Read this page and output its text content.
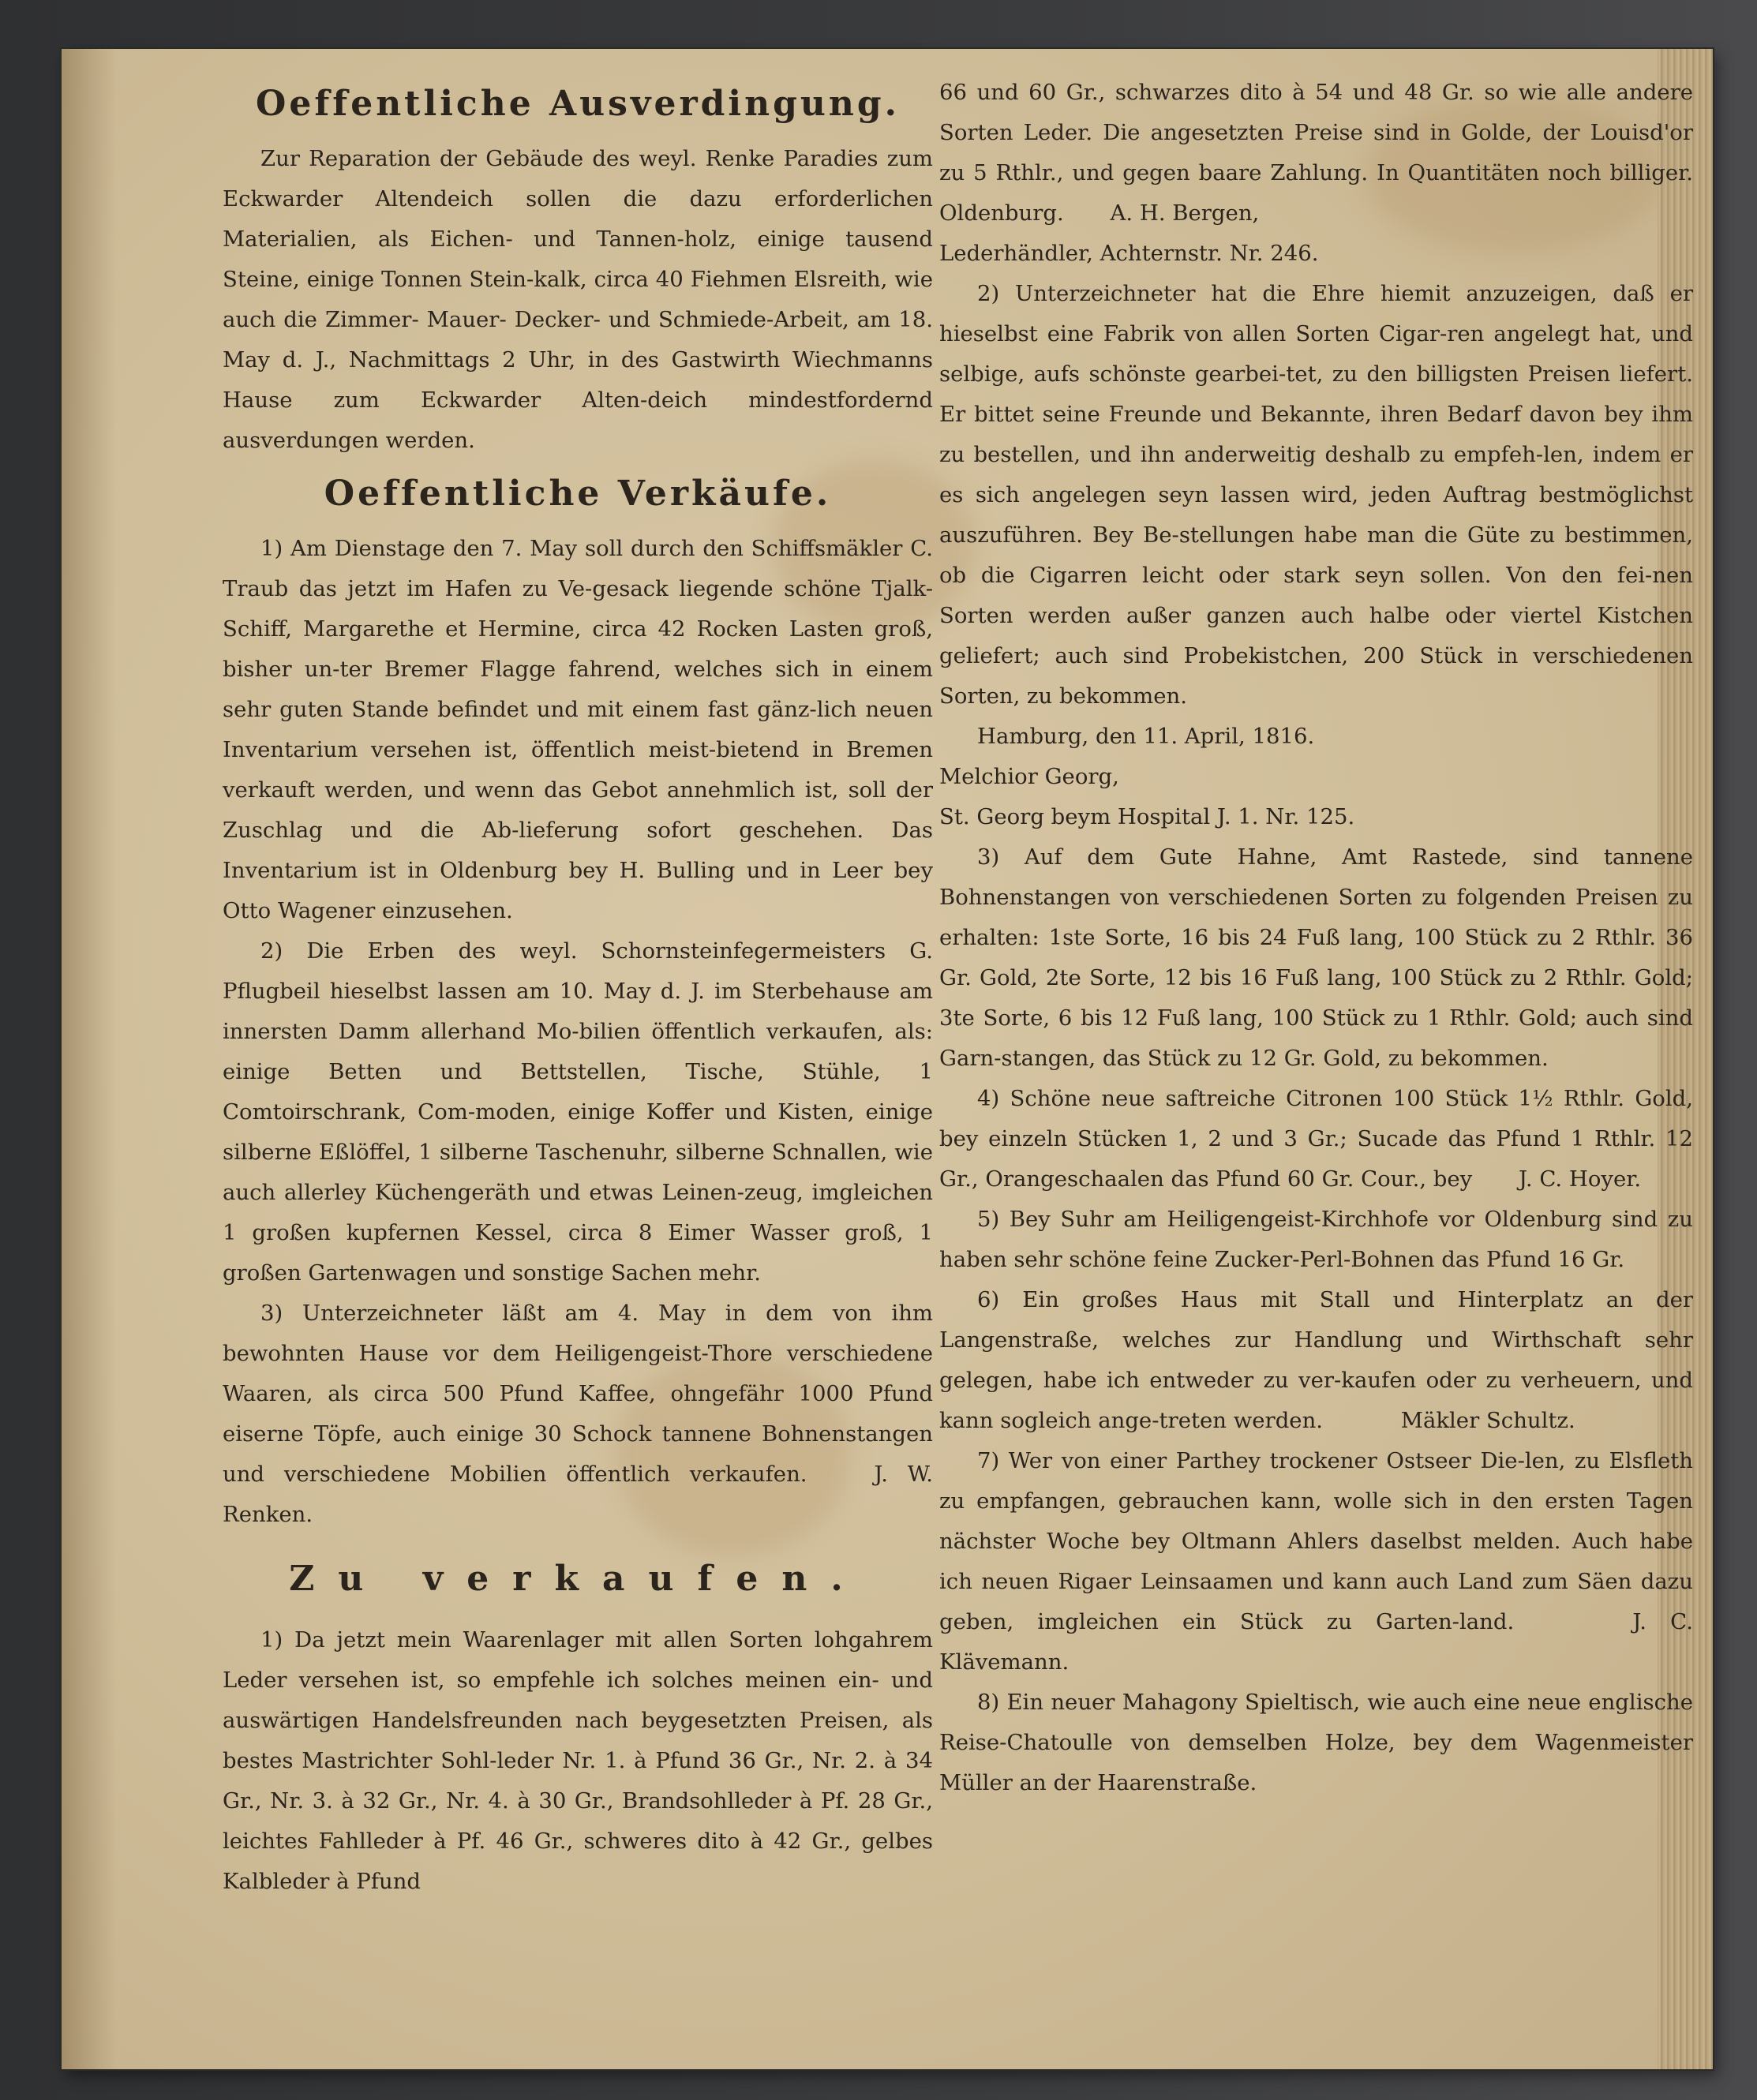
Oeffentliche Ausverdingung.

Zur Reparation der Gebäude des weyl. Renke Paradies zum Eckwarder Altendeich sollen die dazu erforderlichen Materialien, als Eichen- und Tannen-holz, einige tausend Steine, einige Tonnen Stein-kalk, circa 40 Fiehmen Elsreith, wie auch die Zimmer- Mauer- Decker- und Schmiede-Arbeit, am 18. May d. J., Nachmittags 2 Uhr, in des Gastwirth Wiechmanns Hause zum Eckwarder Alten-deich mindestfordernd ausverdungen werden.

Oeffentliche Verkäufe.

1) Am Dienstage den 7. May soll durch den Schiffsmäkler C. Traub das jetzt im Hafen zu Ve-gesack liegende schöne Tjalk-Schiff, Margarethe et Hermine, circa 42 Rocken Lasten groß, bisher un-ter Bremer Flagge fahrend, welches sich in einem sehr guten Stande befindet und mit einem fast gänz-lich neuen Inventarium versehen ist, öffentlich meist-bietend in Bremen verkauft werden, und wenn das Gebot annehmlich ist, soll der Zuschlag und die Ab-lieferung sofort geschehen. Das Inventarium ist in Oldenburg bey H. Bulling und in Leer bey Otto Wagener einzusehen.

2) Die Erben des weyl. Schornsteinfegermeisters G. Pflugbeil hieselbst lassen am 10. May d. J. im Sterbehause am innersten Damm allerhand Mo-bilien öffentlich verkaufen, als: einige Betten und Bettstellen, Tische, Stühle, 1 Comtoirschrank, Com-moden, einige Koffer und Kisten, einige silberne Eßlöffel, 1 silberne Taschenuhr, silberne Schnallen, wie auch allerley Küchengeräth und etwas Leinen-zeug, imgleichen 1 großen kupfernen Kessel, circa 8 Eimer Wasser groß, 1 großen Gartenwagen und sonstige Sachen mehr.

3) Unterzeichneter läßt am 4. May in dem von ihm bewohnten Hause vor dem Heiligengeist-Thore verschiedene Waaren, als circa 500 Pfund Kaffee, ohngefähr 1000 Pfund eiserne Töpfe, auch einige 30 Schock tannene Bohnenstangen und verschiedene Mobilien öffentlich verkaufen.	J. W. Renken.

Zu verkaufen.

1) Da jetzt mein Waarenlager mit allen Sorten lohgahrem Leder versehen ist, so empfehle ich solches meinen ein- und auswärtigen Handelsfreunden nach beygesetzten Preisen, als bestes Mastrichter Sohl-leder Nr. 1. à Pfund 36 Gr., Nr. 2. à 34 Gr., Nr. 3. à 32 Gr., Nr. 4. à 30 Gr., Brandsohlleder à Pf. 28 Gr., leichtes Fahlleder à Pf. 46 Gr., schweres dito à 42 Gr., gelbes Kalbleder à Pfund

66 und 60 Gr., schwarzes dito à 54 und 48 Gr. so wie alle andere Sorten Leder. Die angesetzten Preise sind in Golde, der Louisd'or zu 5 Rthlr., und gegen baare Zahlung. In Quantitäten noch billiger. Oldenburg. A. H. Bergen,

Lederhändler, Achternstr. Nr. 246.

2) Unterzeichneter hat die Ehre hiemit anzuzeigen, daß er hieselbst eine Fabrik von allen Sorten Cigar-ren angelegt hat, und selbige, aufs schönste gearbei-tet, zu den billigsten Preisen liefert. Er bittet seine Freunde und Bekannte, ihren Bedarf davon bey ihm zu bestellen, und ihn anderweitig deshalb zu empfeh-len, indem er es sich angelegen seyn lassen wird, jeden Auftrag bestmöglichst auszuführen. Bey Be-stellungen habe man die Güte zu bestimmen, ob die Cigarren leicht oder stark seyn sollen. Von den fei-nen Sorten werden außer ganzen auch halbe oder viertel Kistchen geliefert; auch sind Probekistchen, 200 Stück in verschiedenen Sorten, zu bekommen.

Hamburg, den 11. April, 1816.

Melchior Georg,

St. Georg beym Hospital J. 1. Nr. 125.

3) Auf dem Gute Hahne, Amt Rastede, sind tannene Bohnenstangen von verschiedenen Sorten zu folgenden Preisen zu erhalten: 1ste Sorte, 16 bis 24 Fuß lang, 100 Stück zu 2 Rthlr. 36 Gr. Gold, 2te Sorte, 12 bis 16 Fuß lang, 100 Stück zu 2 Rthlr. Gold; 3te Sorte, 6 bis 12 Fuß lang, 100 Stück zu 1 Rthlr. Gold; auch sind Garn-stangen, das Stück zu 12 Gr. Gold, zu bekommen.

4) Schöne neue saftreiche Citronen 100 Stück 1½ Rthlr. Gold, bey einzeln Stücken 1, 2 und 3 Gr.; Sucade das Pfund 1 Rthlr. 12 Gr., Orangeschaalen das Pfund 60 Gr. Cour., bey J. C. Hoyer.

5) Bey Suhr am Heiligengeist-Kirchhofe vor Oldenburg sind zu haben sehr schöne feine Zucker-Perl-Bohnen das Pfund 16 Gr.

6) Ein großes Haus mit Stall und Hinterplatz an der Langenstraße, welches zur Handlung und Wirthschaft sehr gelegen, habe ich entweder zu ver-kaufen oder zu verheuern, und kann sogleich ange-treten werden.	Mäkler Schultz.

7) Wer von einer Parthey trockener Ostseer Die-len, zu Elsfleth zu empfangen, gebrauchen kann, wolle sich in den ersten Tagen nächster Woche bey Oltmann Ahlers daselbst melden. Auch habe ich neuen Rigaer Leinsaamen und kann auch Land zum Säen dazu geben, imgleichen ein Stück zu Garten-land.	J. C. Klävemann.

8) Ein neuer Mahagony Spieltisch, wie auch eine neue englische Reise-Chatoulle von demselben Holze, bey dem Wagenmeister Müller an der Haarenstraße.
